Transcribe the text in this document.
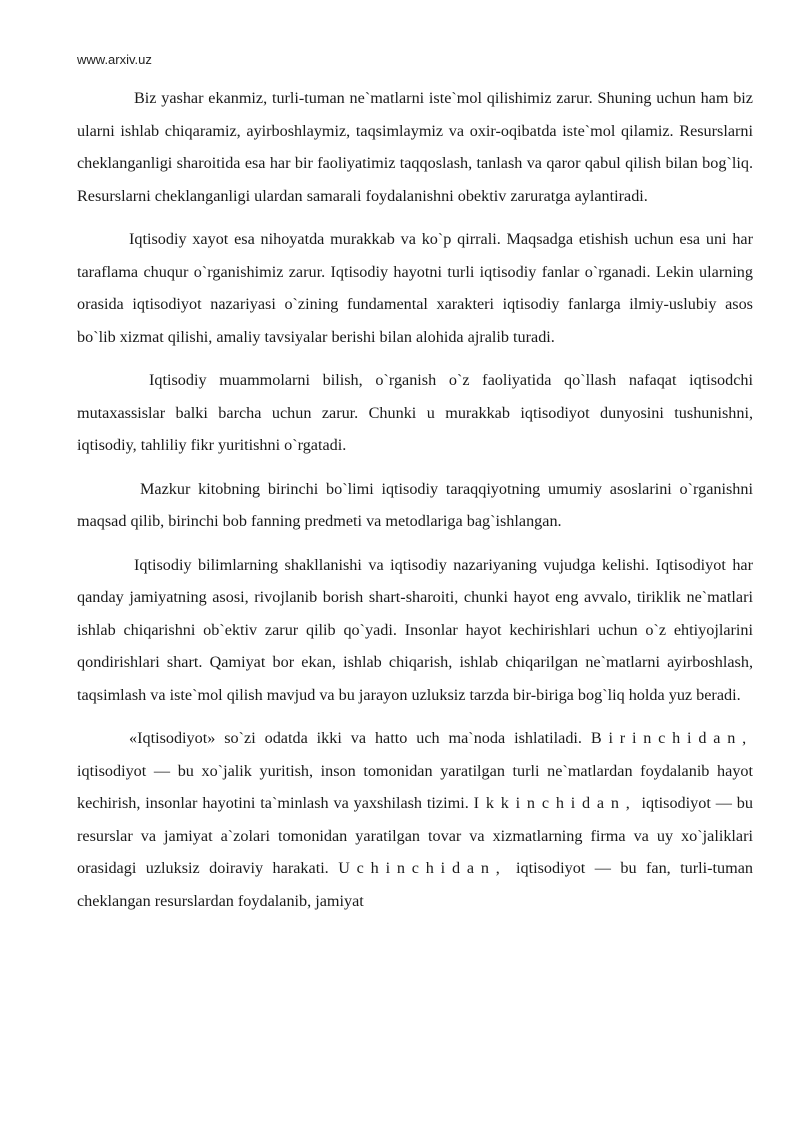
www.arxiv.uz

Biz yashar ekanmiz, turli-tuman ne`matlarni iste`mol qilishimiz zarur. Shuning uchun ham biz ularni ishlab chiqaramiz, ayirboshlaymiz, taqsimlaymiz va oxir-oqibatda iste`mol qilamiz. Resurslarni cheklanganligi sharoitida esa har bir faoliyatimiz taqqoslash, tanlash va qaror qabul qilish bilan bog`liq. Resurslarni cheklanganligi ulardan samarali foydalanishni obektiv zaruratga aylantiradi.

Iqtisodiy xayot esa nihoyatda murakkab va ko`p qirrali. Maqsadga etishish uchun esa uni har taraflama chuqur o`rganishimiz zarur. Iqtisodiy hayotni turli iqtisodiy fanlar o`rganadi. Lekin ularning orasida iqtisodiyot nazariyasi o`zining fundamental xarakteri iqtisodiy fanlarga ilmiy-uslubiy asos bo`lib xizmat qilishi, amaliy tavsiyalar berishi bilan alohida ajralib turadi.

Iqtisodiy muammolarni bilish, o`rganish o`z faoliyatida qo`llash nafaqat iqtisodchi mutaxassislar balki barcha uchun zarur. Chunki u murakkab iqtisodiyot dunyosini tushunishni, iqtisodiy, tahliliy fikr yuritishni o`rgatadi.

Mazkur kitobning birinchi bo`limi iqtisodiy taraqqiyotning umumiy asoslarini o`rganishni maqsad qilib, birinchi bob fanning predmeti va metodlariga bag`ishlangan.

Iqtisodiy bilimlarning shakllanishi va iqtisodiy nazariyaning vujudga kelishi. Iqtisodiyot har qanday jamiyatning asosi, rivojlanib borish shart-sharoiti, chunki hayot eng avvalo, tiriklik ne`matlari ishlab chiqarishni ob`ektiv zarur qilib qo`yadi. Insonlar hayot kechirishlari uchun o`z ehtiyojlarini qondirishlari shart. Qamiyat bor ekan, ishlab chiqarish, ishlab chiqarilgan ne`matlarni ayirboshlash, taqsimlash va iste`mol qilish mavjud va bu jarayon uzluksiz tarzda bir-biriga bog`liq holda yuz beradi.

«Iqtisodiyot» so`zi odatda ikki va hatto uch ma`noda ishlatiladi. Birinchidan, iqtisodiyot — bu xo`jalik yuritish, inson tomonidan yaratilgan turli ne`matlardan foydalanib hayot kechirish, insonlar hayotini ta`minlash va yaxshilash tizimi. Ikkinchidan, iqtisodiyot — bu resurslar va jamiyat a`zolari tomonidan yaratilgan tovar va xizmatlarning firma va uy xo`jaliklari orasidagi uzluksiz doiraviy harakati. Uchinchidan, iqtisodiyot — bu fan, turli-tuman cheklangan resurslardan foydalanib, jamiyat
